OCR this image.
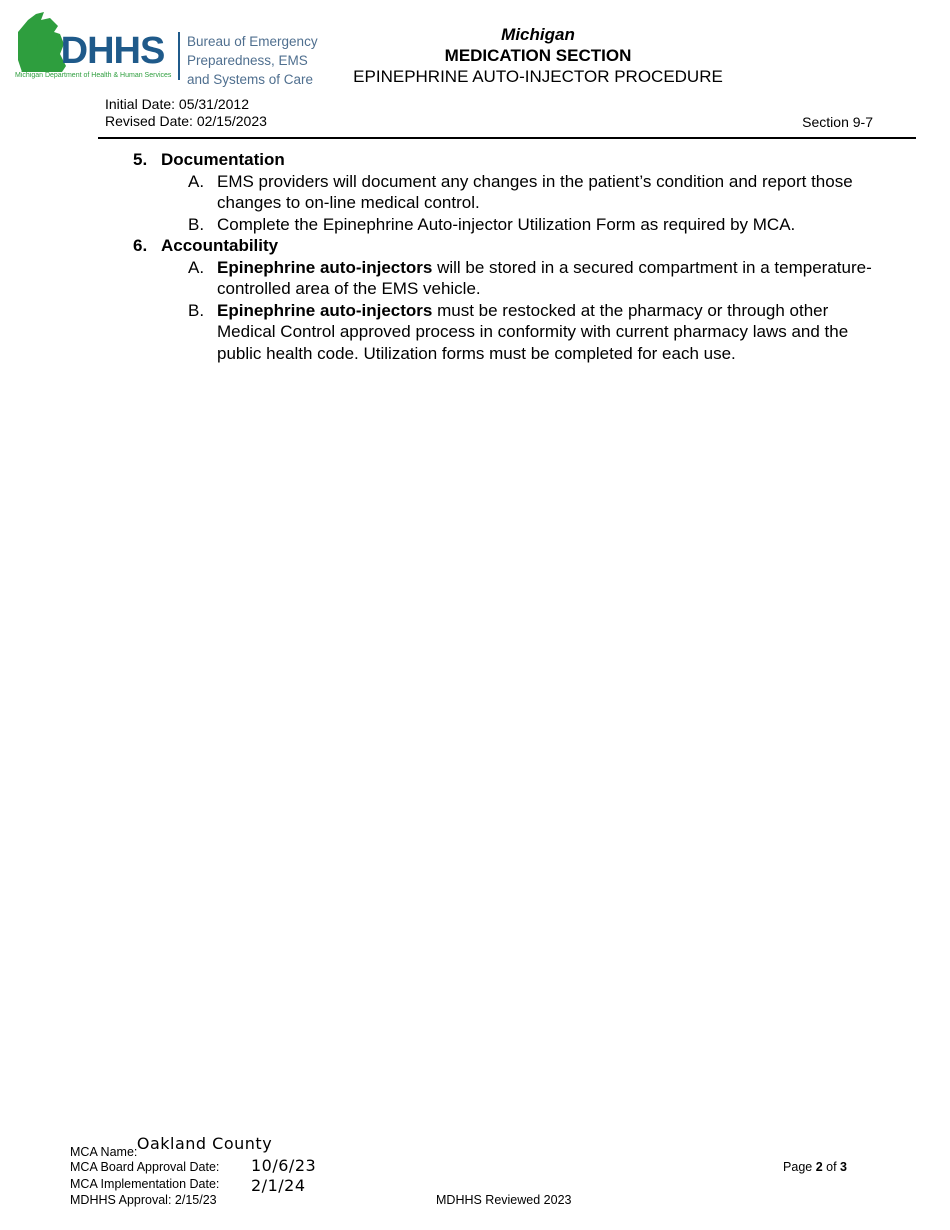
MDHHS
Michigan Department of Health & Human Services
Bureau of Emergency
Preparedness, EMS
and Systems of Care
Michigan
MEDICATION SECTION
EPINEPHRINE AUTO-INJECTOR PROCEDURE
Initial Date: 05/31/2012
Revised Date: 02/15/2023	Section 9-7
5. Documentation
A. EMS providers will document any changes in the patient’s condition and report those changes to on-line medical control.
B. Complete the Epinephrine Auto-injector Utilization Form as required by MCA.
6. Accountability
A. Epinephrine auto-injectors will be stored in a secured compartment in a temperature-controlled area of the EMS vehicle.
B. Epinephrine auto-injectors must be restocked at the pharmacy or through other Medical Control approved process in conformity with current pharmacy laws and the public health code. Utilization forms must be completed for each use.
MCA Name: Oakland County
MCA Board Approval Date: 10/6/23
MCA Implementation Date: 2/1/24
MDHHS Approval: 2/15/23	MDHHS Reviewed 2023
Page 2 of 3
